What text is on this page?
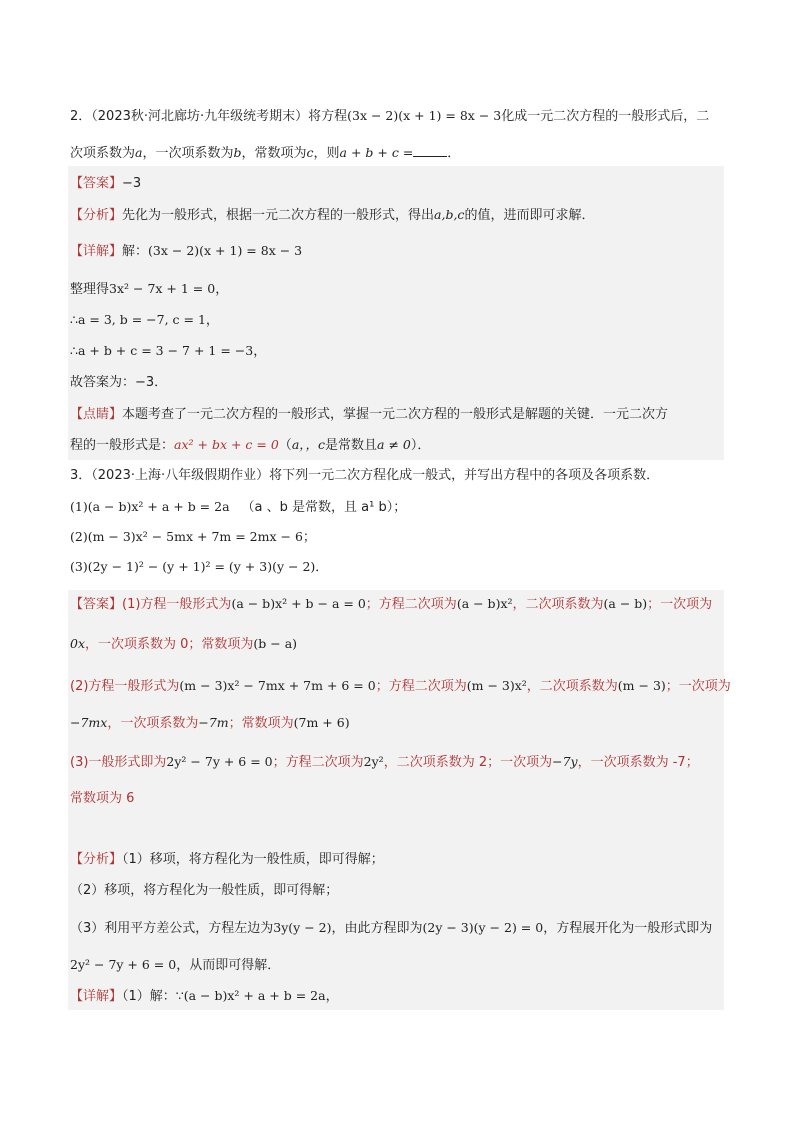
2．（2023秋·河北廊坊·九年级统考期末）将方程(3x − 2)(x + 1) = 8x − 3化成一元二次方程的一般形式后，二
次项系数为a，一次项系数为b，常数项为c，则a + b + c =	．
【答案】−3
【分析】先化为一般形式，根据一元二次方程的一般形式，得出a,b,c的值，进而即可求解．
【详解】解：(3x − 2)(x + 1) = 8x − 3
整理得3x² − 7x + 1 = 0，
∴a = 3, b = −7, c = 1，
∴a + b + c = 3 − 7 + 1 = −3，
故答案为：−3．
【点睛】本题考查了一元二次方程的一般形式，掌握一元二次方程的一般形式是解题的关键．一元二次方
程的一般形式是：ax² + bx + c = 0（a，，c是常数且a ≠ 0）．
3．（2023·上海·八年级假期作业）将下列一元二次方程化成一般式，并写出方程中的各项及各项系数．
(1)(a − b)x² + a + b = 2a （a 、b 是常数，且 a¹ b）；
(2)(m − 3)x² − 5mx + 7m = 2mx − 6；
(3)(2y − 1)² − (y + 1)² = (y + 3)(y − 2)．
【答案】(1)方程一般形式为(a − b)x² + b − a = 0；方程二次项为(a − b)x²，二次项系数为(a − b)；一次项为
0x，一次项系数为 0；常数项为(b − a)
(2)方程一般形式为(m − 3)x² − 7mx + 7m + 6 = 0；方程二次项为(m − 3)x²，二次项系数为(m − 3)；一次项为
−7mx，一次项系数为−7m；常数项为(7m + 6)
(3)一般形式即为2y² − 7y + 6 = 0；方程二次项为2y²，二次项系数为 2；一次项为−7y，一次项系数为 -7；
常数项为 6
【分析】（1）移项，将方程化为一般性质，即可得解；
（2）移项，将方程化为一般性质，即可得解；
（3）利用平方差公式，方程左边为3y(y − 2)，由此方程即为(2y − 3)(y − 2) = 0，方程展开化为一般形式即为
2y² − 7y + 6 = 0，从而即可得解．
【详解】（1）解：∵(a − b)x² + a + b = 2a，
